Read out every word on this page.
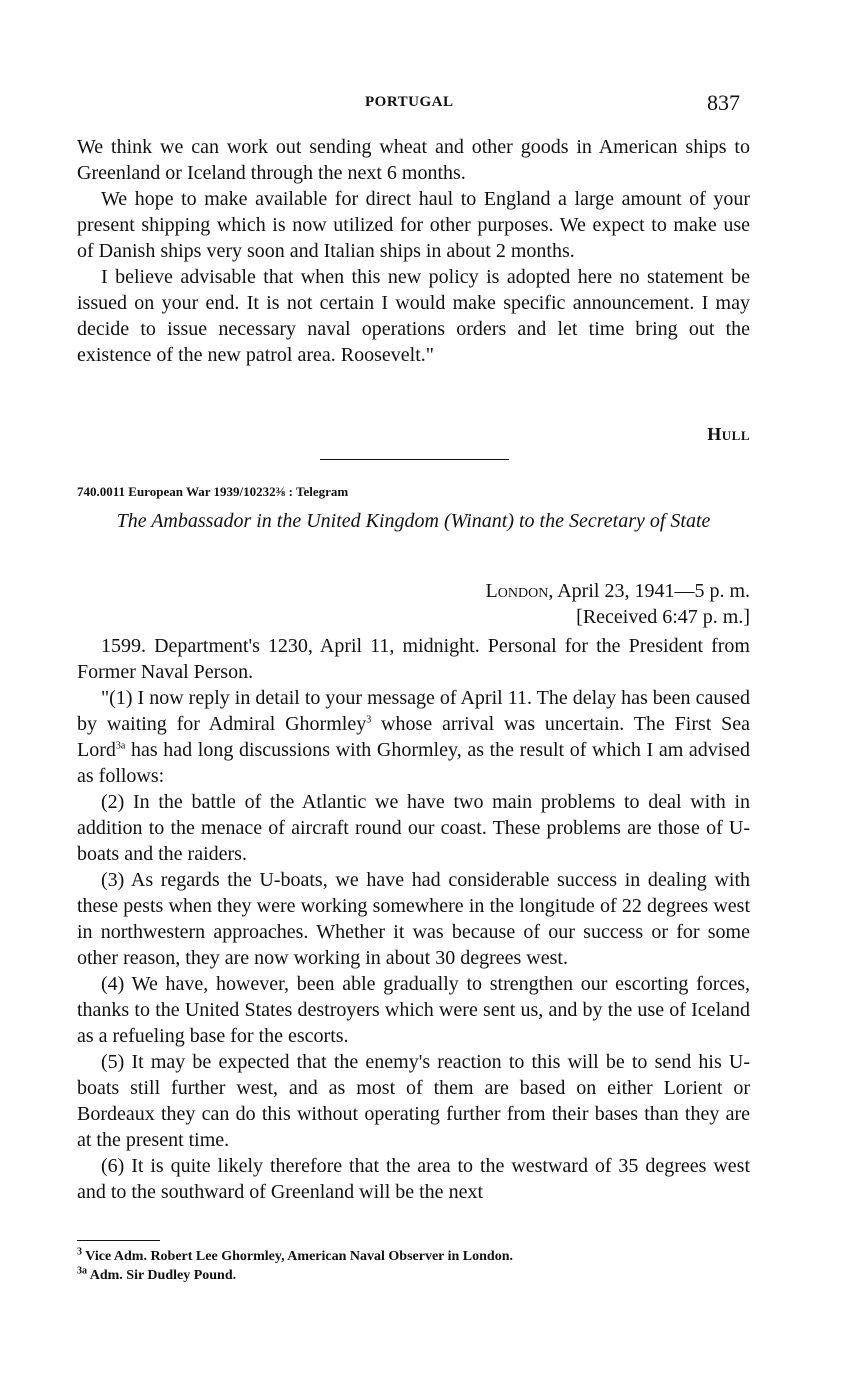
PORTUGAL	837

We think we can work out sending wheat and other goods in American ships to Greenland or Iceland through the next 6 months.

We hope to make available for direct haul to England a large amount of your present shipping which is now utilized for other purposes. We expect to make use of Danish ships very soon and Italian ships in about 2 months.

I believe advisable that when this new policy is adopted here no statement be issued on your end. It is not certain I would make specific announcement. I may decide to issue necessary naval operations orders and let time bring out the existence of the new patrol area. Roosevelt."

Hull
740.0011 European War 1939/10232⅜ : Telegram
The Ambassador in the United Kingdom (Winant) to the Secretary of State
London, April 23, 1941—5 p. m.
[Received 6:47 p. m.]

1599. Department's 1230, April 11, midnight. Personal for the President from Former Naval Person.

"(1) I now reply in detail to your message of April 11. The delay has been caused by waiting for Admiral Ghormley$^3$ whose arrival was uncertain. The First Sea Lord$^{3a}$ has had long discussions with Ghormley, as the result of which I am advised as follows:

(2) In the battle of the Atlantic we have two main problems to deal with in addition to the menace of aircraft round our coast. These problems are those of U-boats and the raiders.

(3) As regards the U-boats, we have had considerable success in dealing with these pests when they were working somewhere in the longitude of 22 degrees west in northwestern approaches. Whether it was because of our success or for some other reason, they are now working in about 30 degrees west.

(4) We have, however, been able gradually to strengthen our escorting forces, thanks to the United States destroyers which were sent us, and by the use of Iceland as a refueling base for the escorts.

(5) It may be expected that the enemy's reaction to this will be to send his U-boats still further west, and as most of them are based on either Lorient or Bordeaux they can do this without operating further from their bases than they are at the present time.

(6) It is quite likely therefore that the area to the westward of 35 degrees west and to the southward of Greenland will be the next

$^3$ Vice Adm. Robert Lee Ghormley, American Naval Observer in London.
$^{3a}$ Adm. Sir Dudley Pound.
